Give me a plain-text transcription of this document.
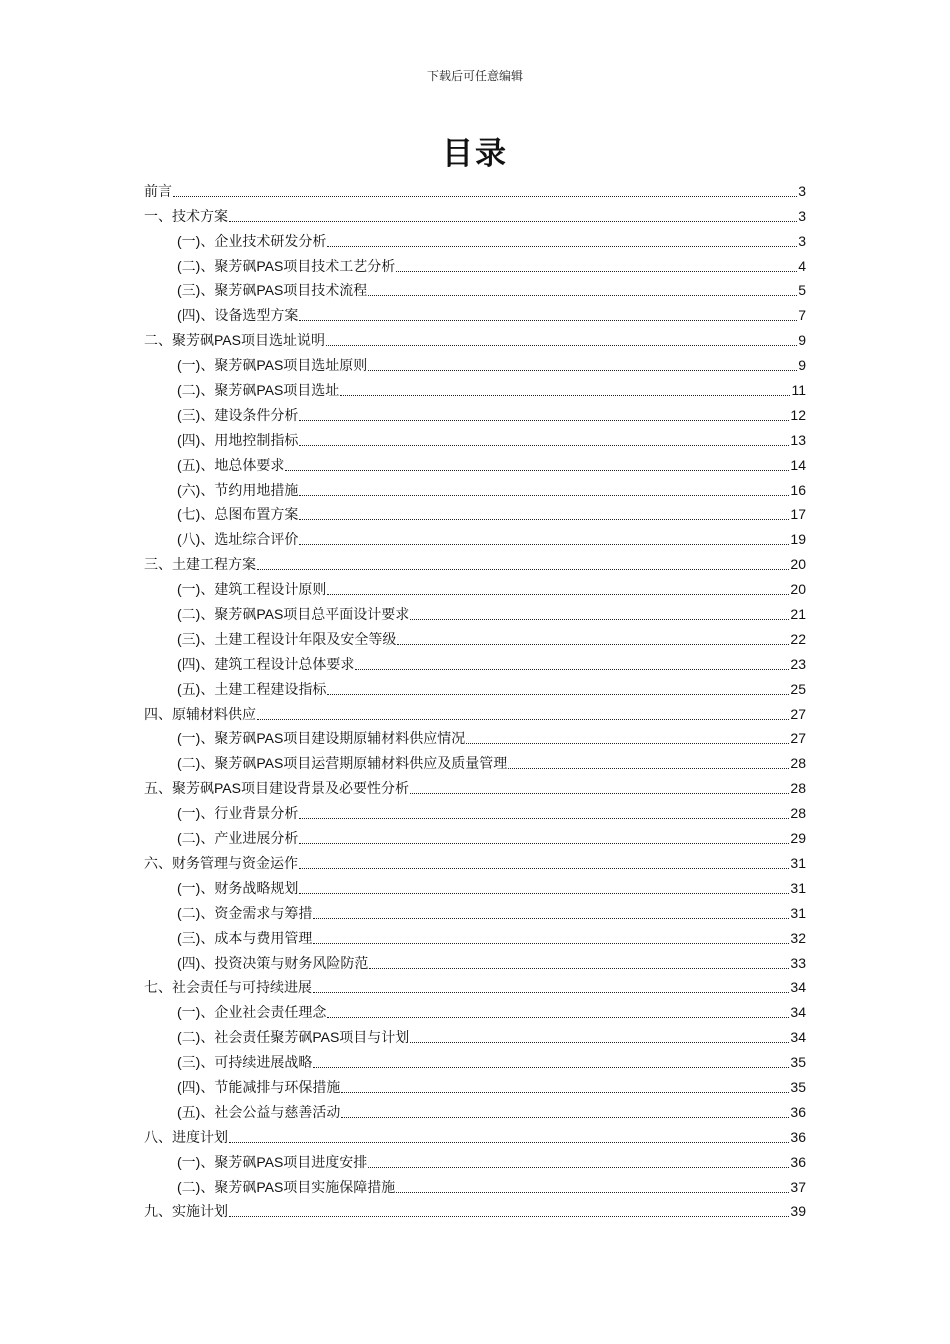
下载后可任意编辑
目录
前言	3
一、技术方案	3
(一)、企业技术研发分析	3
(二)、聚芳砜PAS项目技术工艺分析	4
(三)、聚芳砜PAS项目技术流程	5
(四)、设备选型方案	7
二、聚芳砜PAS项目选址说明	9
(一)、聚芳砜PAS项目选址原则	9
(二)、聚芳砜PAS项目选址	11
(三)、建设条件分析	12
(四)、用地控制指标	13
(五)、地总体要求	14
(六)、节约用地措施	16
(七)、总图布置方案	17
(八)、选址综合评价	19
三、土建工程方案	20
(一)、建筑工程设计原则	20
(二)、聚芳砜PAS项目总平面设计要求	21
(三)、土建工程设计年限及安全等级	22
(四)、建筑工程设计总体要求	23
(五)、土建工程建设指标	25
四、原辅材料供应	27
(一)、聚芳砜PAS项目建设期原辅材料供应情况	27
(二)、聚芳砜PAS项目运营期原辅材料供应及质量管理	28
五、聚芳砜PAS项目建设背景及必要性分析	28
(一)、行业背景分析	28
(二)、产业进展分析	29
六、财务管理与资金运作	31
(一)、财务战略规划	31
(二)、资金需求与筹措	31
(三)、成本与费用管理	32
(四)、投资决策与财务风险防范	33
七、社会责任与可持续进展	34
(一)、企业社会责任理念	34
(二)、社会责任聚芳砜PAS项目与计划	34
(三)、可持续进展战略	35
(四)、节能减排与环保措施	35
(五)、社会公益与慈善活动	36
八、进度计划	36
(一)、聚芳砜PAS项目进度安排	36
(二)、聚芳砜PAS项目实施保障措施	37
九、实施计划	39
